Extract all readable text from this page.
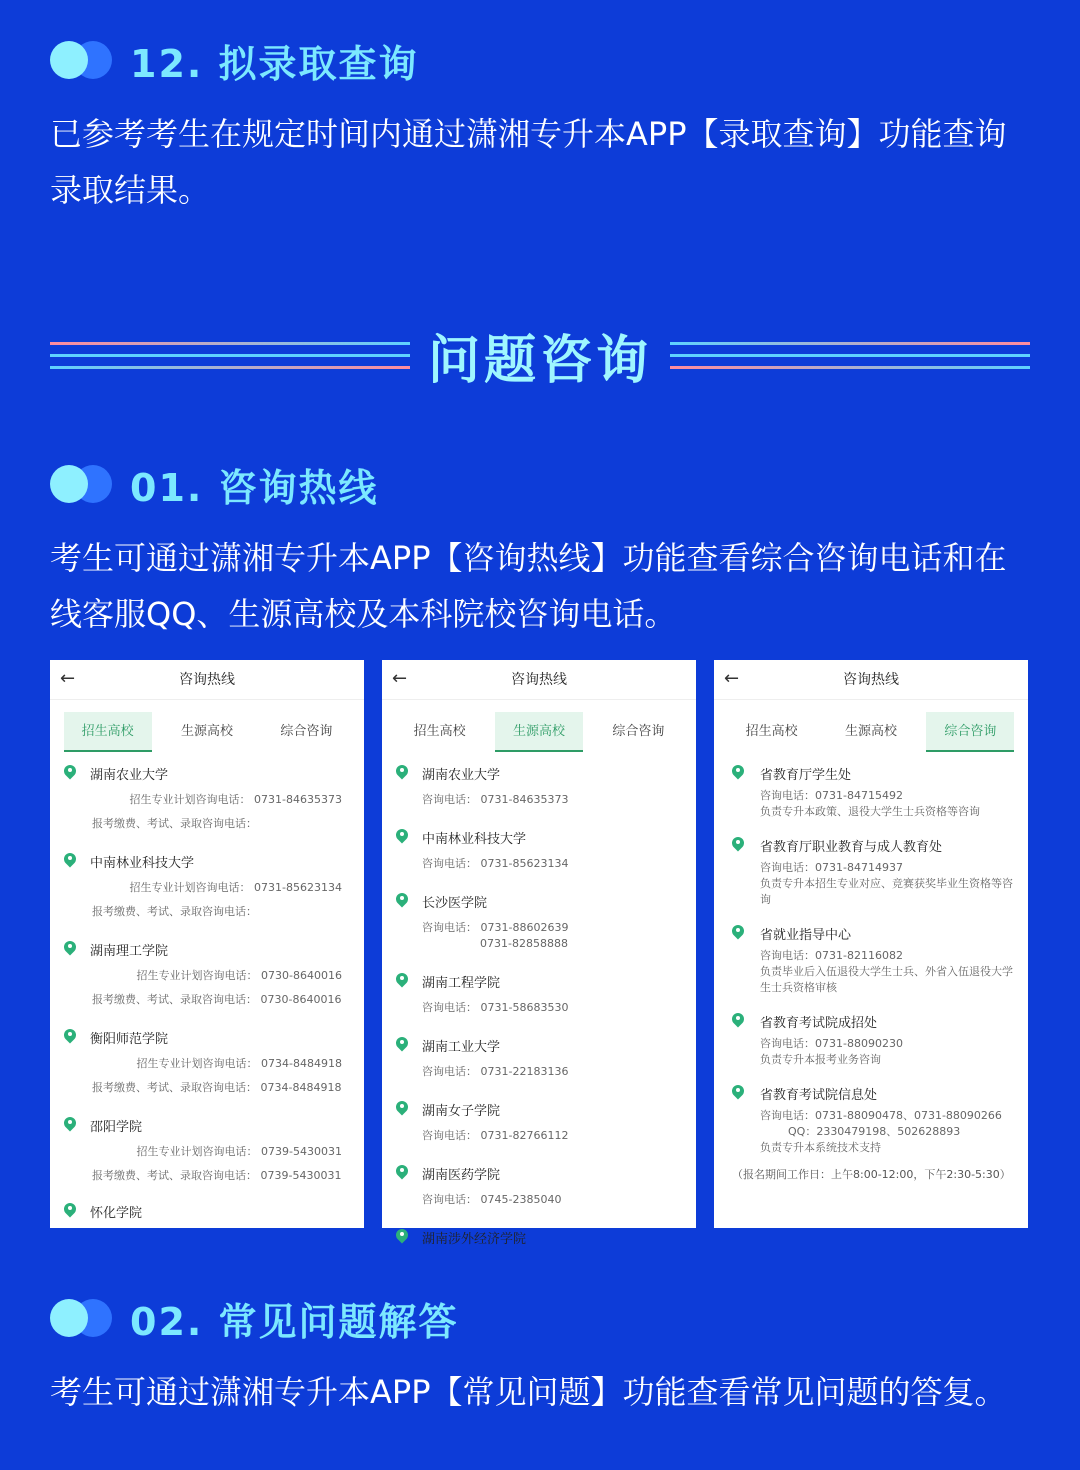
12. 拟录取查询
已参考考生在规定时间内通过潇湘专升本APP【录取查询】功能查询录取结果。
问题咨询
01. 咨询热线
考生可通过潇湘专升本APP【咨询热线】功能查看综合咨询电话和在线客服QQ、生源高校及本科院校咨询电话。
←	咨询热线
招生高校	生源高校	综合咨询
湖南农业大学
招生专业计划咨询电话： 0731-84635373
报考缴费、考试、录取咨询电话：
中南林业科技大学
招生专业计划咨询电话： 0731-85623134
报考缴费、考试、录取咨询电话：
湖南理工学院
招生专业计划咨询电话： 0730-8640016
报考缴费、考试、录取咨询电话： 0730-8640016
衡阳师范学院
招生专业计划咨询电话： 0734-8484918
报考缴费、考试、录取咨询电话： 0734-8484918
邵阳学院
招生专业计划咨询电话： 0739-5430031
报考缴费、考试、录取咨询电话： 0739-5430031
怀化学院
←	咨询热线
招生高校	生源高校	综合咨询
湖南农业大学
咨询电话： 0731-84635373
中南林业科技大学
咨询电话： 0731-85623134
长沙医学院
咨询电话： 0731-88602639
0731-82858888
湖南工程学院
咨询电话： 0731-58683530
湖南工业大学
咨询电话： 0731-22183136
湖南女子学院
咨询电话： 0731-82766112
湖南医药学院
咨询电话： 0745-2385040
湖南涉外经济学院
←	咨询热线
招生高校	生源高校	综合咨询
省教育厅学生处
咨询电话：0731-84715492
负责专升本政策、退役大学生士兵资格等咨询
省教育厅职业教育与成人教育处
咨询电话：0731-84714937
负责专升本招生专业对应、竞赛获奖毕业生资格等咨询
省就业指导中心
咨询电话：0731-82116082
负责毕业后入伍退役大学生士兵、外省入伍退役大学生士兵资格审核
省教育考试院成招处
咨询电话：0731-88090230
负责专升本报考业务咨询
省教育考试院信息处
咨询电话：0731-88090478、0731-88090266
QQ：2330479198、502628893
负责专升本系统技术支持
（报名期间工作日：上午8:00-12:00，下午2:30-5:30）
02. 常见问题解答
考生可通过潇湘专升本APP【常见问题】功能查看常见问题的答复。
